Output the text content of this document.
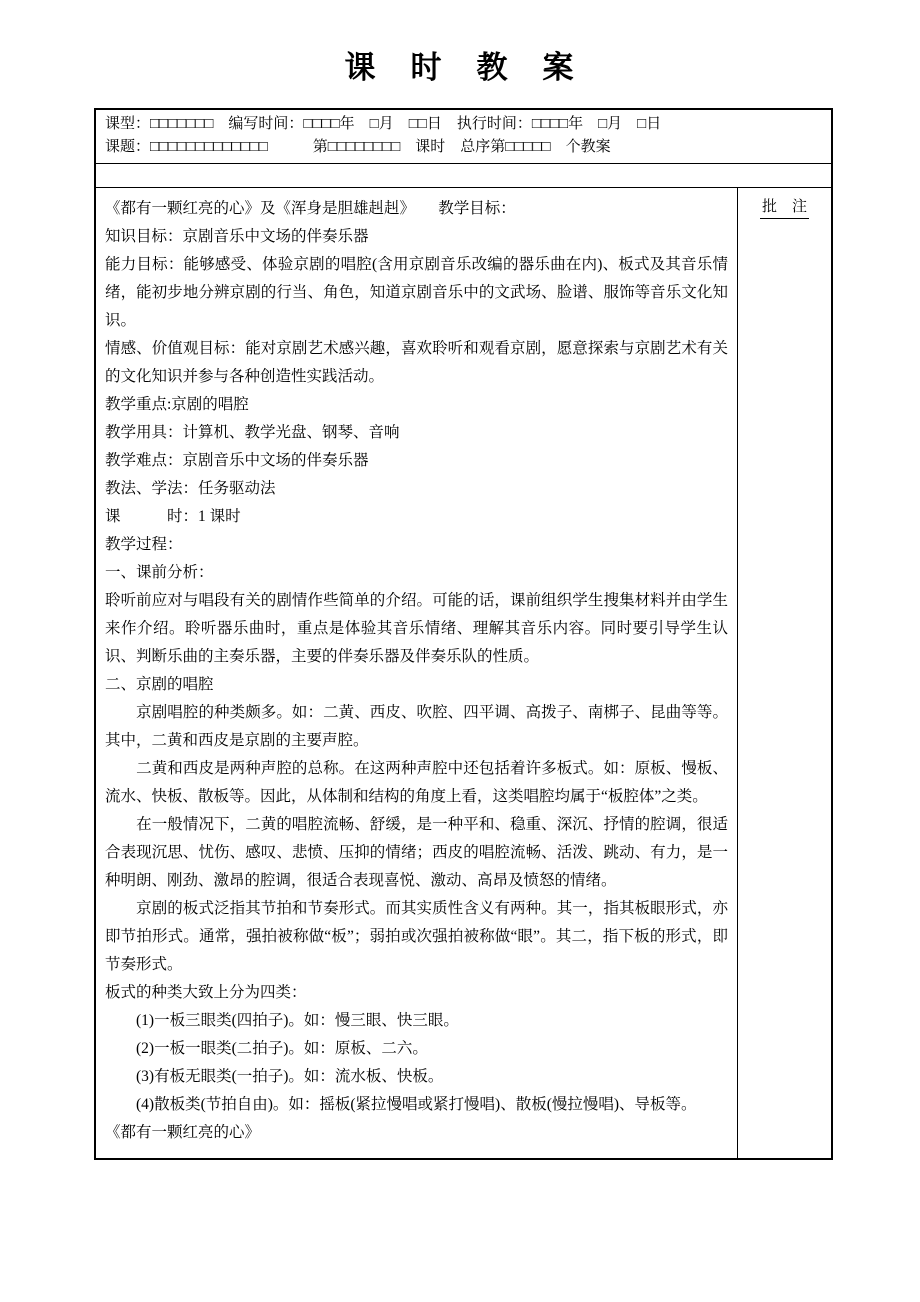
课　时　教　案
课型：□□□□□□□　编写时间：□□□□年　□月　□□日　执行时间：□□□□年　□月　□日
课题：□□□□□□□□□□□□□　　　第□□□□□□□□　课时　总序第□□□□□　个教案

《都有一颗红亮的心》及《浑身是胆雄赳赳》　　教学目标：

知识目标：京剧音乐中文场的伴奏乐器

能力目标：能够感受、体验京剧的唱腔(含用京剧音乐改编的器乐曲在内)、板式及其音乐情绪，能初步地分辨京剧的行当、角色，知道京剧音乐中的文武场、脸谱、服饰等音乐文化知识。

情感、价值观目标：能对京剧艺术感兴趣，喜欢聆听和观看京剧，愿意探索与京剧艺术有关的文化知识并参与各种创造性实践活动。

教学重点:京剧的唱腔

教学用具：计算机、教学光盘、钢琴、音响

教学难点：京剧音乐中文场的伴奏乐器

教法、学法：任务驱动法

课　　　时：1 课时

教学过程：

一、课前分析：

聆听前应对与唱段有关的剧情作些简单的介绍。可能的话，课前组织学生搜集材料并由学生来作介绍。聆听器乐曲时，重点是体验其音乐情绪、理解其音乐内容。同时要引导学生认识、判断乐曲的主奏乐器，主要的伴奏乐器及伴奏乐队的性质。

二、京剧的唱腔

　　京剧唱腔的种类颇多。如：二黄、西皮、吹腔、四平调、高拨子、南梆子、昆曲等等。其中，二黄和西皮是京剧的主要声腔。

　　二黄和西皮是两种声腔的总称。在这两种声腔中还包括着许多板式。如：原板、慢板、流水、快板、散板等。因此，从体制和结构的角度上看，这类唱腔均属于“板腔体”之类。

　　在一般情况下，二黄的唱腔流畅、舒缓，是一种平和、稳重、深沉、抒情的腔调，很适合表现沉思、忧伤、感叹、悲愤、压抑的情绪；西皮的唱腔流畅、活泼、跳动、有力，是一种明朗、刚劲、激昂的腔调，很适合表现喜悦、激动、高昂及愤怒的情绪。

　　京剧的板式泛指其节拍和节奏形式。而其实质性含义有两种。其一，指其板眼形式，亦即节拍形式。通常，强拍被称做“板”；弱拍或次强拍被称做“眼”。其二，指下板的形式，即节奏形式。

板式的种类大致上分为四类：

　　(1)一板三眼类(四拍子)。如：慢三眼、快三眼。

　　(2)一板一眼类(二拍子)。如：原板、二六。

　　(3)有板无眼类(一拍子)。如：流水板、快板。

　　(4)散板类(节拍自由)。如：摇板(紧拉慢唱或紧打慢唱)、散板(慢拉慢唱)、导板等。

《都有一颗红亮的心》

批　注
